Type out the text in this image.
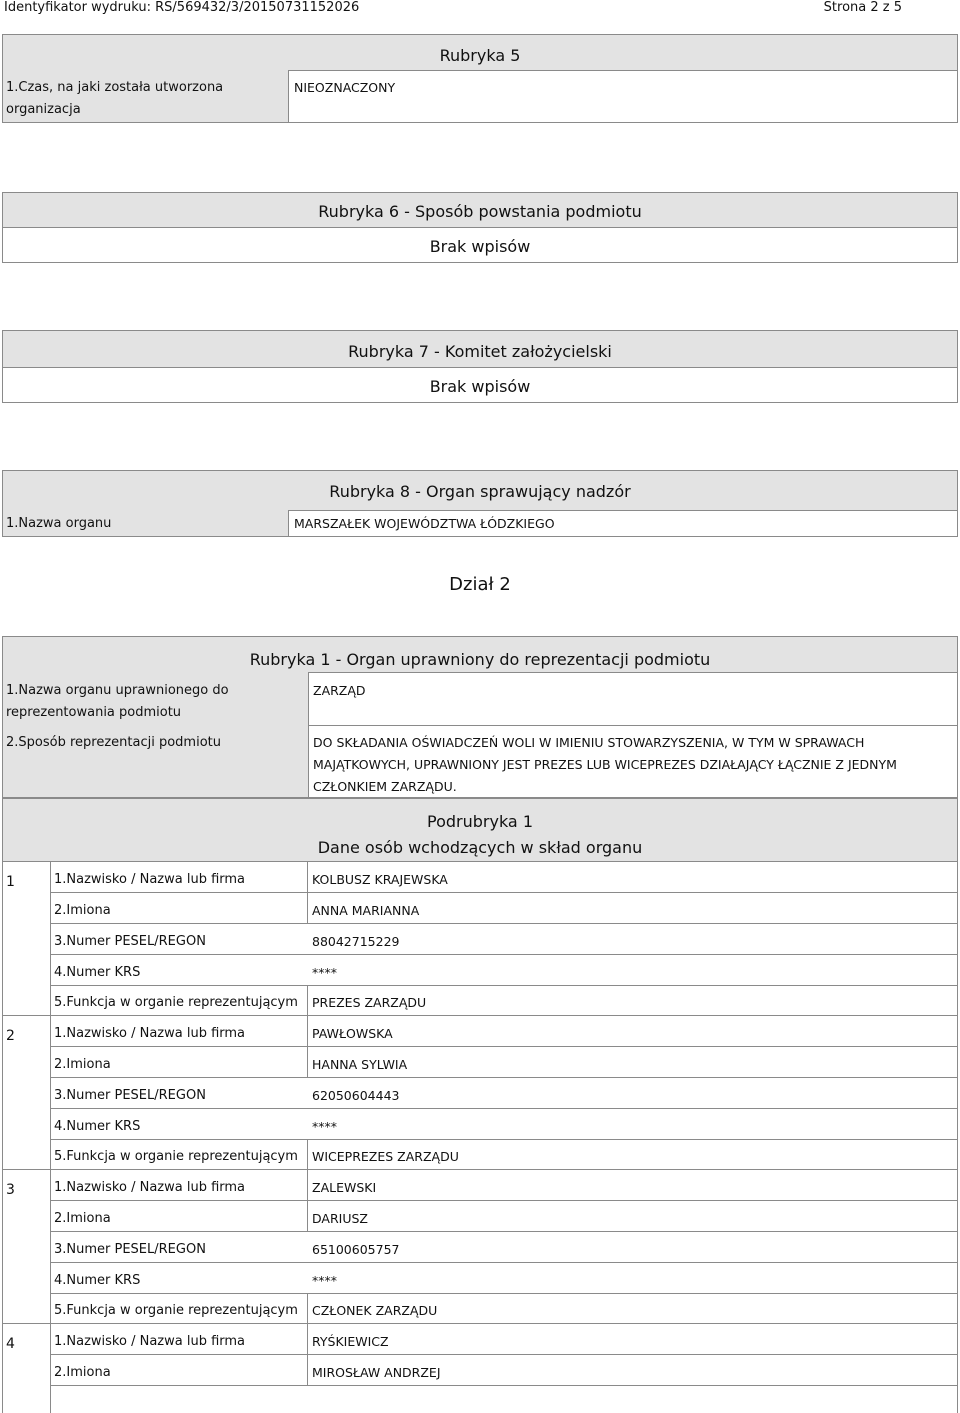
Identyfikator wydruku: RS/569432/3/20150731152026	Strona 2 z 5
Rubryka 5
1.Czas, na jaki została utworzona
organizacja
NIEOZNACZONY
Rubryka 6 - Sposób powstania podmiotu
Brak wpisów
Rubryka 7 - Komitet założycielski
Brak wpisów
Rubryka 8 - Organ sprawujący nadzór
1.Nazwa organu	MARSZAŁEK WOJEWÓDZTWA ŁÓDZKIEGO
Dział 2
Rubryka 1 - Organ uprawniony do reprezentacji podmiotu
1.Nazwa organu uprawnionego do
reprezentowania podmiotu
ZARZĄD
2.Sposób reprezentacji podmiotu	DO SKŁADANIA OŚWIADCZEŃ WOLI W IMIENIU STOWARZYSZENIA, W TYM W SPRAWACH
MAJĄTKOWYCH, UPRAWNIONY JEST PREZES LUB WICEPREZES DZIAŁAJĄCY ŁĄCZNIE Z JEDNYM
CZŁONKIEM ZARZĄDU.
Podrubryka 1
Dane osób wchodzących w skład organu
1	1.Nazwisko / Nazwa lub firma	KOLBUSZ KRAJEWSKA
2.Imiona	ANNA MARIANNA
3.Numer PESEL/REGON	88042715229
4.Numer KRS	****
5.Funkcja w organie reprezentującym	PREZES ZARZĄDU
2	1.Nazwisko / Nazwa lub firma	PAWŁOWSKA
2.Imiona	HANNA SYLWIA
3.Numer PESEL/REGON	62050604443
4.Numer KRS	****
5.Funkcja w organie reprezentującym	WICEPREZES ZARZĄDU
3	1.Nazwisko / Nazwa lub firma	ZALEWSKI
2.Imiona	DARIUSZ
3.Numer PESEL/REGON	65100605757
4.Numer KRS	****
5.Funkcja w organie reprezentującym	CZŁONEK ZARZĄDU
4	1.Nazwisko / Nazwa lub firma	RYŚKIEWICZ
2.Imiona	MIROSŁAW ANDRZEJ
